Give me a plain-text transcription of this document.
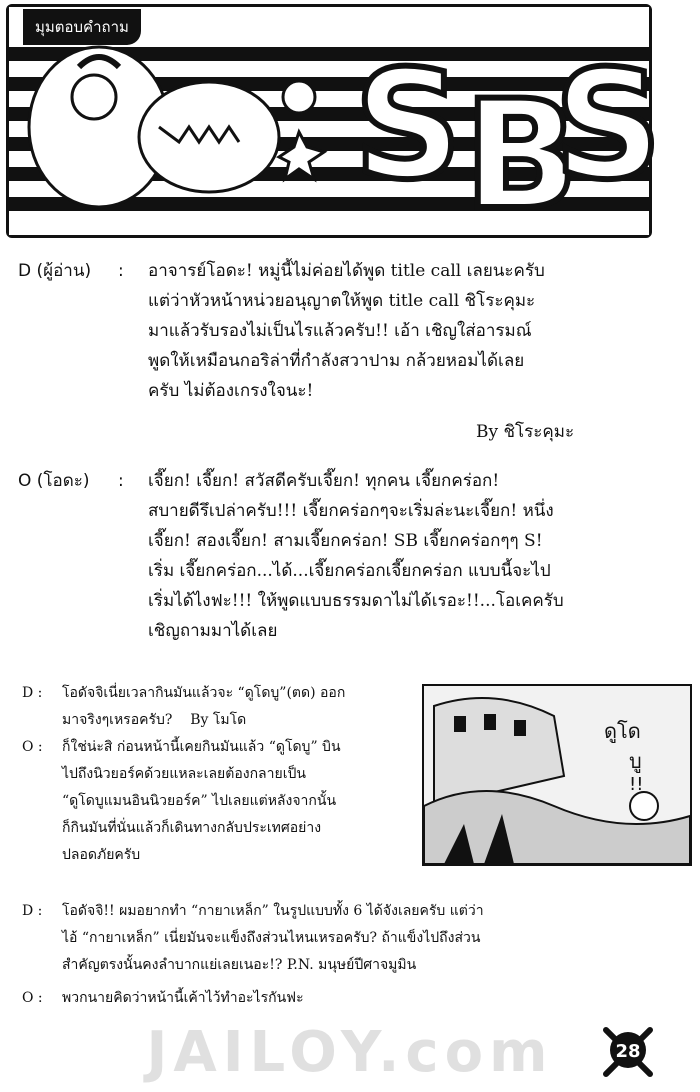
S B
S
มุมตอบคำถาม
D (ผู้อ่าน) : อาจารย์โอดะ! หมู่นี้ไม่ค่อยได้พูด title call เลยนะครับ
แต่ว่าหัวหน้าหน่วยอนุญาตให้พูด title call ชิโระคุมะ
มาแล้วรับรองไม่เป็นไรแล้วครับ!! เอ้า เชิญใส่อารมณ์
พูดให้เหมือนกอริล่าที่กำลังสวาปาม กล้วยหอมได้เลย
ครับ ไม่ต้องเกรงใจนะ!
By ชิโระคุมะ
O (โอดะ) : เจี๊ยก! เจี๊ยก! สวัสดีครับเจี๊ยก! ทุกคน เจี๊ยกคร่อก!
สบายดีรึเปล่าครับ!!! เจี๊ยกคร่อกๆจะเริ่มล่ะนะเจี๊ยก! หนึ่ง
เจี๊ยก! สองเจี๊ยก! สามเจี๊ยกคร่อก! SB เจี๊ยกคร่อกๆๆ S!
เริ่ม เจี๊ยกคร่อก...ได้...เจี๊ยกคร่อกเจี๊ยกคร่อก แบบนี้จะไป
เริ่มได้ไงฟะ!!! ให้พูดแบบธรรมดาไม่ได้เรอะ!!...โอเคครับ
เชิญถามมาได้เลย
D : โอดัจจิเนี่ยเวลากินมันแล้วจะ “ดูโดบู”(ตด) ออก
มาจริงๆเหรอครับ? By โมโด
O : ก็ใช่น่ะสิ ก่อนหน้านี้เคยกินมันแล้ว “ดูโดบู” บิน
ไปถึงนิวยอร์คด้วยแหละเลยต้องกลายเป็น
“ดูโดบูแมนอินนิวยอร์ค” ไปเลยแต่หลังจากนั้น
ก็กินมันที่นั่นแล้วก็เดินทางกลับประเทศอย่าง
ปลอดภัยครับ
ดูโด
บู
!!
D : โอดัจจิ!! ผมอยากทำ “กายาเหล็ก” ในรูปแบบทั้ง 6 ได้จังเลยครับ แต่ว่า
ไอ้ “กายาเหล็ก” เนี่ยมันจะแข็งถึงส่วนไหนเหรอครับ? ถ้าแข็งไปถึงส่วน
สำคัญตรงนั้นคงลำบากแย่เลยเนอะ!? P.N. มนุษย์ปีศาจมูมิน
O : พวกนายคิดว่าหน้านี้เค้าไว้ทำอะไรกันฟะ
JAILOY.com	28
